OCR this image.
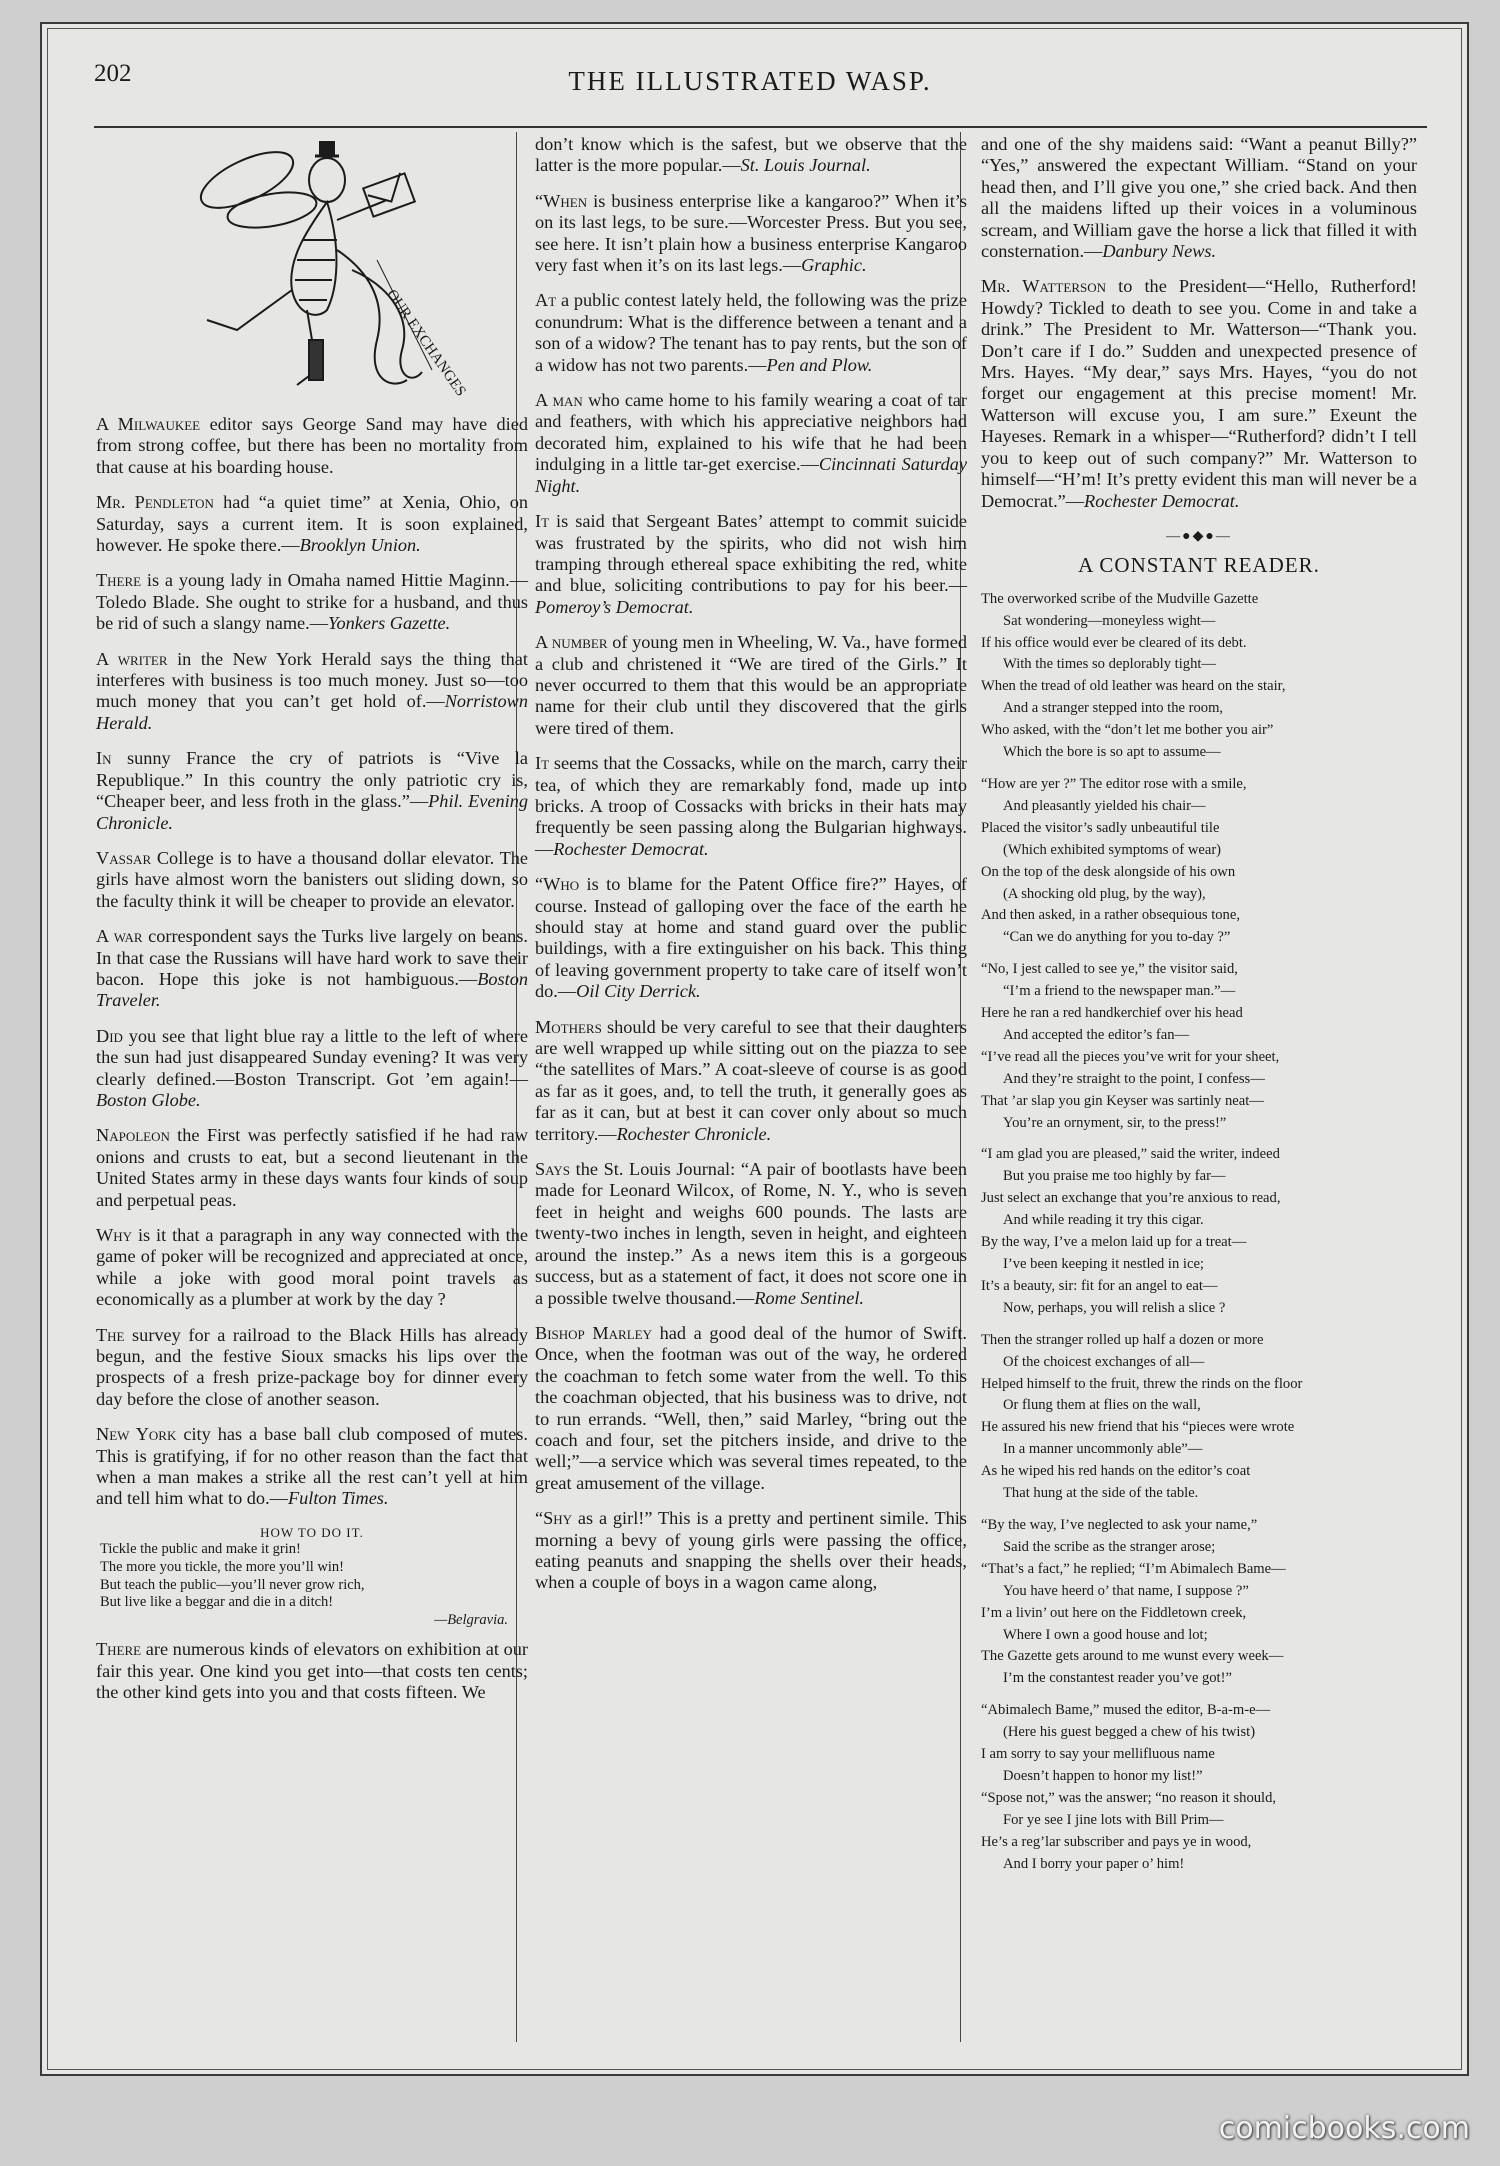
202	THE ILLUSTRATED WASP.
OUR EXCHANGES

A Milwaukee editor says George Sand may have died from strong coffee, but there has been no mortality from that cause at his boarding house.

Mr. Pendleton had “a quiet time” at Xenia, Ohio, on Saturday, says a current item. It is soon explained, however. He spoke there.—Brooklyn Union.

There is a young lady in Omaha named Hittie Maginn.—Toledo Blade. She ought to strike for a husband, and thus be rid of such a slangy name.—Yonkers Gazette.

A writer in the New York Herald says the thing that interferes with business is too much money. Just so—too much money that you can’t get hold of.—Norristown Herald.

In sunny France the cry of patriots is “Vive la Republique.” In this country the only patriotic cry is, “Cheaper beer, and less froth in the glass.”—Phil. Evening Chronicle.

Vassar College is to have a thousand dollar elevator. The girls have almost worn the banisters out sliding down, so the faculty think it will be cheaper to provide an elevator.

A war correspondent says the Turks live largely on beans. In that case the Russians will have hard work to save their bacon. Hope this joke is not hambiguous.—Boston Traveler.

Did you see that light blue ray a little to the left of where the sun had just disappeared Sunday evening? It was very clearly defined.—Boston Transcript. Got ’em again!—Boston Globe.

Napoleon the First was perfectly satisfied if he had raw onions and crusts to eat, but a second lieutenant in the United States army in these days wants four kinds of soup and perpetual peas.

Why is it that a paragraph in any way connected with the game of poker will be recognized and appreciated at once, while a joke with good moral point travels as economically as a plumber at work by the day ?

The survey for a railroad to the Black Hills has already begun, and the festive Sioux smacks his lips over the prospects of a fresh prize-package boy for dinner every day before the close of another season.

New York city has a base ball club composed of mutes. This is gratifying, if for no other reason than the fact that when a man makes a strike all the rest can’t yell at him and tell him what to do.—Fulton Times.

HOW TO DO IT.
Tickle the public and make it grin!
The more you tickle, the more you’ll win!
But teach the public—you’ll never grow rich,
But live like a beggar and die in a ditch!
—Belgravia.

There are numerous kinds of elevators on exhibition at our fair this year. One kind you get into—that costs ten cents; the other kind gets into you and that costs fifteen. We

don’t know which is the safest, but we observe that the latter is the more popular.—St. Louis Journal.

“When is business enterprise like a kangaroo?” When it’s on its last legs, to be sure.—Worcester Press. But you see, see here. It isn’t plain how a business enterprise Kangaroo very fast when it’s on its last legs.—Graphic.

At a public contest lately held, the following was the prize conundrum: What is the difference between a tenant and a son of a widow? The tenant has to pay rents, but the son of a widow has not two parents.—Pen and Plow.

A man who came home to his family wearing a coat of tar and feathers, with which his appreciative neighbors had decorated him, explained to his wife that he had been indulging in a little tar-get exercise.—Cincinnati Saturday Night.

It is said that Sergeant Bates’ attempt to commit suicide was frustrated by the spirits, who did not wish him tramping through ethereal space exhibiting the red, white and blue, soliciting contributions to pay for his beer.—Pomeroy’s Democrat.

A number of young men in Wheeling, W. Va., have formed a club and christened it “We are tired of the Girls.” It never occurred to them that this would be an appropriate name for their club until they discovered that the girls were tired of them.

It seems that the Cossacks, while on the march, carry their tea, of which they are remarkably fond, made up into bricks. A troop of Cossacks with bricks in their hats may frequently be seen passing along the Bulgarian highways.—Rochester Democrat.

“Who is to blame for the Patent Office fire?” Hayes, of course. Instead of galloping over the face of the earth he should stay at home and stand guard over the public buildings, with a fire extinguisher on his back. This thing of leaving government property to take care of itself won’t do.—Oil City Derrick.

Mothers should be very careful to see that their daughters are well wrapped up while sitting out on the piazza to see “the satellites of Mars.” A coat-sleeve of course is as good as far as it goes, and, to tell the truth, it generally goes as far as it can, but at best it can cover only about so much territory.—Rochester Chronicle.

Says the St. Louis Journal: “A pair of bootlasts have been made for Leonard Wilcox, of Rome, N. Y., who is seven feet in height and weighs 600 pounds. The lasts are twenty-two inches in length, seven in height, and eighteen around the instep.” As a news item this is a gorgeous success, but as a statement of fact, it does not score one in a possible twelve thousand.—Rome Sentinel.

Bishop Marley had a good deal of the humor of Swift. Once, when the footman was out of the way, he ordered the coachman to fetch some water from the well. To this the coachman objected, that his business was to drive, not to run errands. “Well, then,” said Marley, “bring out the coach and four, set the pitchers inside, and drive to the well;”—a service which was several times repeated, to the great amusement of the village.

“Shy as a girl!” This is a pretty and pertinent simile. This morning a bevy of young girls were passing the office, eating peanuts and snapping the shells over their heads, when a couple of boys in a wagon came along,

and one of the shy maidens said: “Want a peanut Billy?” “Yes,” answered the expectant William. “Stand on your head then, and I’ll give you one,” she cried back. And then all the maidens lifted up their voices in a voluminous scream, and William gave the horse a lick that filled it with consternation.—Danbury News.

Mr. Watterson to the President—“Hello, Rutherford! Howdy? Tickled to death to see you. Come in and take a drink.” The President to Mr. Watterson—“Thank you. Don’t care if I do.” Sudden and unexpected presence of Mrs. Hayes. “My dear,” says Mrs. Hayes, “you do not forget our engagement at this precise moment! Mr. Watterson will excuse you, I am sure.” Exeunt the Hayeses. Remark in a whisper—“Rutherford? didn’t I tell you to keep out of such company?” Mr. Watterson to himself—“H’m! It’s pretty evident this man will never be a Democrat.”—Rochester Democrat.

—●◆●—
A CONSTANT READER.
The overworked scribe of the Mudville Gazette
Sat wondering—moneyless wight—
If his office would ever be cleared of its debt.
With the times so deplorably tight—
When the tread of old leather was heard on the stair,
And a stranger stepped into the room,
Who asked, with the “don’t let me bother you air”
Which the bore is so apt to assume—
“How are yer ?” The editor rose with a smile,
And pleasantly yielded his chair—
Placed the visitor’s sadly unbeautiful tile
(Which exhibited symptoms of wear)
On the top of the desk alongside of his own
(A shocking old plug, by the way),
And then asked, in a rather obsequious tone,
“Can we do anything for you to-day ?”
“No, I jest called to see ye,” the visitor said,
“I’m a friend to the newspaper man.”—
Here he ran a red handkerchief over his head
And accepted the editor’s fan—
“I’ve read all the pieces you’ve writ for your sheet,
And they’re straight to the point, I confess—
That ’ar slap you gin Keyser was sartinly neat—
You’re an ornyment, sir, to the press!”
“I am glad you are pleased,” said the writer, indeed
But you praise me too highly by far—
Just select an exchange that you’re anxious to read,
And while reading it try this cigar.
By the way, I’ve a melon laid up for a treat—
I’ve been keeping it nestled in ice;
It’s a beauty, sir: fit for an angel to eat—
Now, perhaps, you will relish a slice ?
Then the stranger rolled up half a dozen or more
Of the choicest exchanges of all—
Helped himself to the fruit, threw the rinds on the floor
Or flung them at flies on the wall,
He assured his new friend that his “pieces were wrote
In a manner uncommonly able”—
As he wiped his red hands on the editor’s coat
That hung at the side of the table.
“By the way, I’ve neglected to ask your name,”
Said the scribe as the stranger arose;
“That’s a fact,” he replied; “I’m Abimalech Bame—
You have heerd o’ that name, I suppose ?”
I’m a livin’ out here on the Fiddletown creek,
Where I own a good house and lot;
The Gazette gets around to me wunst every week—
I’m the constantest reader you’ve got!”
“Abimalech Bame,” mused the editor, B-a-m-e—
(Here his guest begged a chew of his twist)
I am sorry to say your mellifluous name
Doesn’t happen to honor my list!”
“Spose not,” was the answer; “no reason it should,
For ye see I jine lots with Bill Prim—
He’s a reg’lar subscriber and pays ye in wood,
And I borry your paper o’ him!
comicbooks.com
